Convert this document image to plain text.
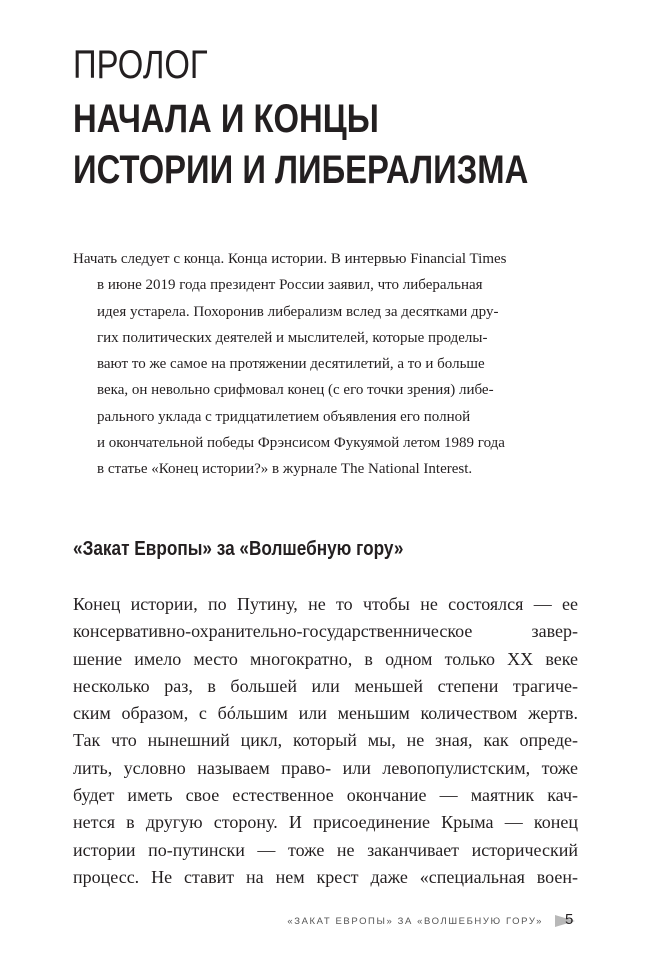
ПРОЛОГ
НАЧАЛА И КОНЦЫ
ИСТОРИИ И ЛИБЕРАЛИЗМА
Начать следует с конца. Конца истории. В интервью Financial Times
в июне 2019 года президент России заявил, что либеральная
идея устарела. Похоронив либерализм вслед за десятками дру-
гих политических деятелей и мыслителей, которые проделы-
вают то же самое на протяжении десятилетий, а то и больше
века, он невольно срифмовал конец (с его точки зрения) либе-
рального уклада с тридцатилетием объявления его полной
и окончательной победы Фрэнсисом Фукуямой летом 1989 года
в статье «Конец истории?» в журнале The National Interest.
«Закат Европы» за «Волшебную гору»
Конец истории, по Путину, не то чтобы не состоялся — ее
консервативно-охранительно-государственническое завер-
шение имело место многократно, в одном только XX веке
несколько раз, в большей или меньшей степени трагиче-
ским образом, с бóльшим или меньшим количеством жертв.
Так что нынешний цикл, который мы, не зная, как опреде-
лить, условно называем право- или левопопулистским, тоже
будет иметь свое естественное окончание — маятник кач-
нется в другую сторону. И присоединение Крыма — конец
истории по-путински — тоже не заканчивает исторический
процесс. Не ставит на нем крест даже «специальная воен-
«ЗАКАТ ЕВРОПЫ» ЗА «ВОЛШЕБНУЮ ГОРУ» 5
